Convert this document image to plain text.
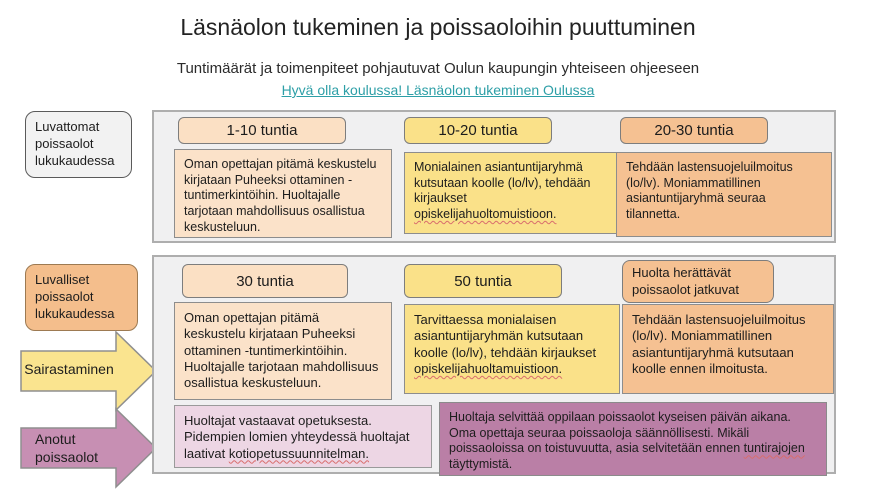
Läsnäolon tukeminen ja poissaoloihin puuttuminen

Tuntimäärät ja toimenpiteet pohjautuvat Oulun kaupungin yhteiseen ohjeeseen

Hyvä olla koulussa! Läsnäolon tukeminen Oulussa

Luvattomat poissaolot lukukaudessa
Luvalliset poissaolot lukukaudessa
Sairastaminen
Anotut poissaolot
1-10 tuntia	10-20 tuntia	20-30 tuntia
Oman opettajan pitämä keskustelu kirjataan Puheeksi ottaminen -tuntimerkintöihin. Huoltajalle tarjotaan mahdollisuus osallistua keskusteluun.
Monialainen asiantuntijaryhmä kutsutaan koolle (lo/lv), tehdään kirjaukset opiskelijahuoltomuistioon.
Tehdään lastensuojeluilmoitus (lo/lv). Moniammatillinen asiantuntijaryhmä seuraa tilannetta.
30 tuntia	50 tuntia	Huolta herättävät poissaolot jatkuvat
Oman opettajan pitämä keskustelu kirjataan Puheeksi ottaminen -tuntimerkintöihin. Huoltajalle tarjotaan mahdollisuus osallistua keskusteluun.
Tarvittaessa monialaisen asiantuntijaryhmän kutsutaan koolle (lo/lv), tehdään kirjaukset opiskelijahuoltamuistioon.
Tehdään lastensuojeluilmoitus (lo/lv). Moniammatillinen asiantuntijaryhmä kutsutaan koolle ennen ilmoitusta.
Huoltajat vastaavat opetuksesta. Pidempien lomien yhteydessä huoltajat laativat kotiopetussuunnitelman.
Huoltaja selvittää oppilaan poissaolot kyseisen päivän aikana. Oma opettaja seuraa poissaoloja säännöllisesti. Mikäli poissaoloissa on toistuvuutta, asia selvitetään ennen tuntirajojen täyttymistä.
